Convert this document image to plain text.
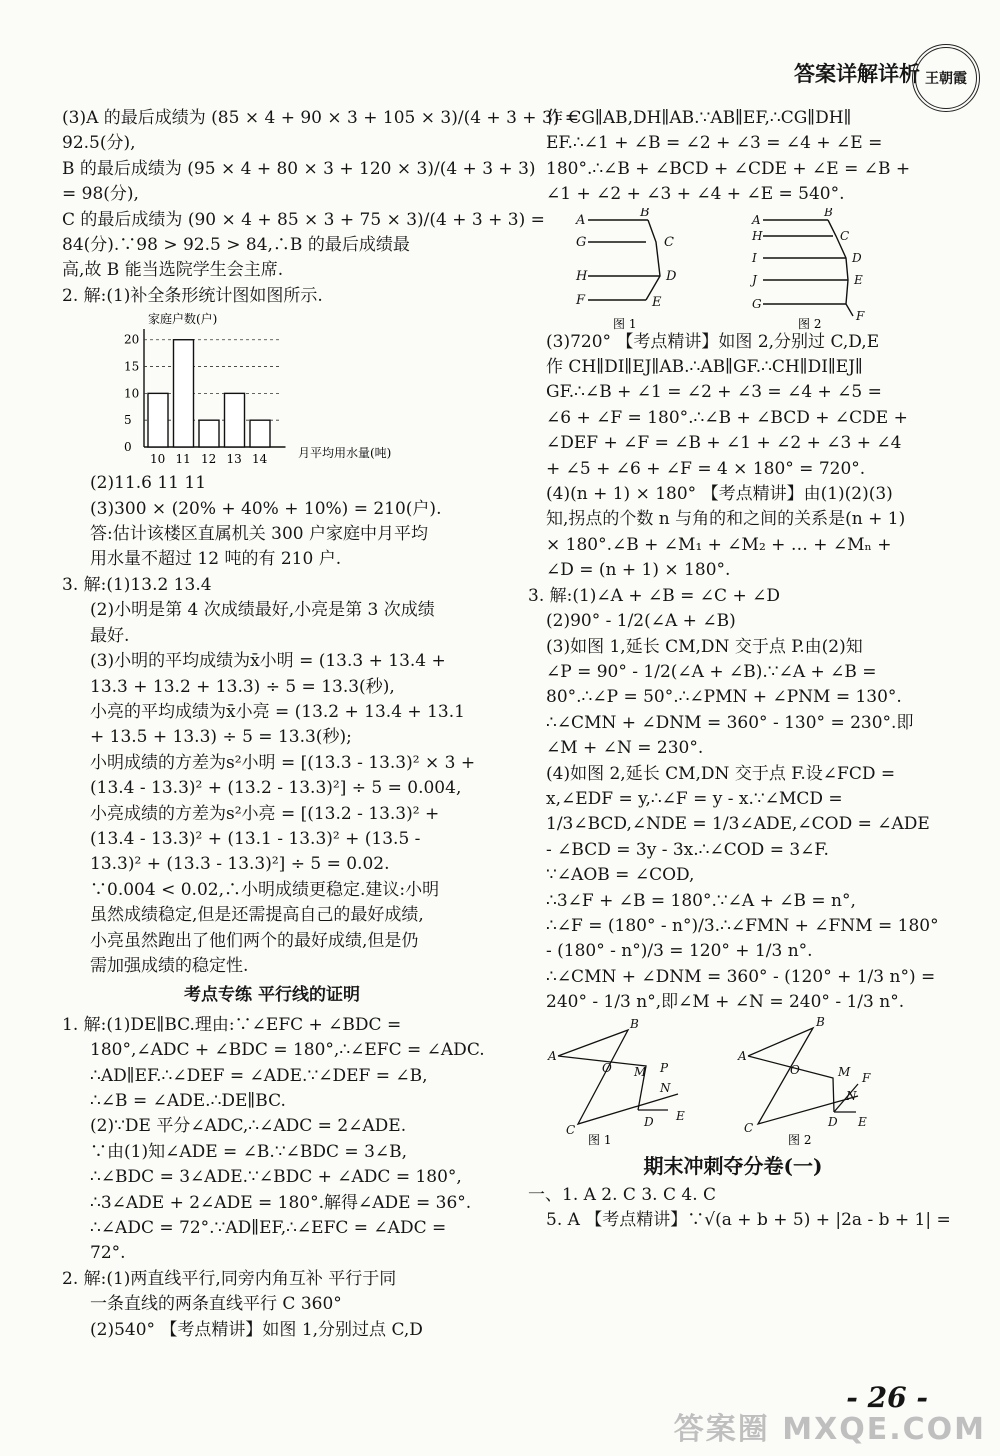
答案详解详析 王朝霞
(3)A 的最后成绩为 (85 × 4 + 90 × 3 + 105 × 3)/(4 + 3 + 3) =
92.5(分),
B 的最后成绩为 (95 × 4 + 80 × 3 + 120 × 3)/(4 + 3 + 3)
= 98(分),
C 的最后成绩为 (90 × 4 + 85 × 3 + 75 × 3)/(4 + 3 + 3) =
84(分).∵98 > 92.5 > 84,∴B 的最后成绩最
高,故 B 能当选院学生会主席.
2. 解:(1)补全条形统计图如图所示.
家庭户数(户)
月平均用水量(吨)
0
5
10
15
20
10 11 12 13 14
(2)11.6 11 11
(3)300 × (20% + 40% + 10%) = 210(户).
答:估计该楼区直属机关 300 户家庭中月平均
用水量不超过 12 吨的有 210 户.
3. 解:(1)13.2 13.4
(2)小明是第 4 次成绩最好,小亮是第 3 次成绩
最好.
(3)小明的平均成绩为x̄小明 = (13.3 + 13.4 +
13.3 + 13.2 + 13.3) ÷ 5 = 13.3(秒),
小亮的平均成绩为x̄小亮 = (13.2 + 13.4 + 13.1
+ 13.5 + 13.3) ÷ 5 = 13.3(秒);
小明成绩的方差为s²小明 = [(13.3 - 13.3)² × 3 +
(13.4 - 13.3)² + (13.2 - 13.3)²] ÷ 5 = 0.004,
小亮成绩的方差为s²小亮 = [(13.2 - 13.3)² +
(13.4 - 13.3)² + (13.1 - 13.3)² + (13.5 -
13.3)² + (13.3 - 13.3)²] ÷ 5 = 0.02.
∵0.004 < 0.02,∴小明成绩更稳定.建议:小明
虽然成绩稳定,但是还需提高自己的最好成绩,
小亮虽然跑出了他们两个的最好成绩,但是仍
需加强成绩的稳定性.
考点专练 平行线的证明
1. 解:(1)DE∥BC.理由:∵∠EFC + ∠BDC =
180°,∠ADC + ∠BDC = 180°,∴∠EFC = ∠ADC.
∴AD∥EF.∴∠DEF = ∠ADE.∵∠DEF = ∠B,
∴∠B = ∠ADE.∴DE∥BC.
(2)∵DE 平分∠ADC,∴∠ADC = 2∠ADE.
∵由(1)知∠ADE = ∠B.∵∠BDC = 3∠B,
∴∠BDC = 3∠ADE.∵∠BDC + ∠ADC = 180°,
∴3∠ADE + 2∠ADE = 180°.解得∠ADE = 36°.
∴∠ADC = 72°.∵AD∥EF,∴∠EFC = ∠ADC =
72°.
2. 解:(1)两直线平行,同旁内角互补 平行于同
一条直线的两条直线平行 C 360°
(2)540° 【考点精讲】如图 1,分别过点 C,D
作 CG∥AB,DH∥AB.∵AB∥EF,∴CG∥DH∥
EF.∴∠1 + ∠B = ∠2 + ∠3 = ∠4 + ∠E =
180°.∴∠B + ∠BCD + ∠CDE + ∠E = ∠B +
∠1 + ∠2 + ∠3 + ∠4 + ∠E = 540°.
A
B
G	C
H	D
F	E
A
B
H	C
I	D
J	E
G
F
图 1	图 2
(3)720° 【考点精讲】如图 2,分别过 C,D,E
作 CH∥DI∥EJ∥AB.∴AB∥GF.∴CH∥DI∥EJ∥
GF.∴∠B + ∠1 = ∠2 + ∠3 = ∠4 + ∠5 =
∠6 + ∠F = 180°.∴∠B + ∠BCD + ∠CDE +
∠DEF + ∠F = ∠B + ∠1 + ∠2 + ∠3 + ∠4
+ ∠5 + ∠6 + ∠F = 4 × 180° = 720°.
(4)(n + 1) × 180° 【考点精讲】由(1)(2)(3)
知,拐点的个数 n 与角的和之间的关系是(n + 1)
× 180°.∠B + ∠M₁ + ∠M₂ + … + ∠Mₙ +
∠D = (n + 1) × 180°.
3. 解:(1)∠A + ∠B = ∠C + ∠D
(2)90° - 1/2(∠A + ∠B)
(3)如图 1,延长 CM,DN 交于点 P.由(2)知
∠P = 90° - 1/2(∠A + ∠B).∵∠A + ∠B =
80°.∴∠P = 50°.∴∠PMN + ∠PNM = 130°.
∴∠CMN + ∠DNM = 360° - 130° = 230°.即
∠M + ∠N = 230°.
(4)如图 2,延长 CM,DN 交于点 F.设∠FCD =
x,∠EDF = y,∴∠F = y - x.∵∠MCD =
1/3∠BCD,∠NDE = 1/3∠ADE,∠COD = ∠ADE
- ∠BCD = 3y - 3x.∴∠COD = 3∠F.
∵∠AOB = ∠COD,
∴3∠F + ∠B = 180°.∵∠A + ∠B = n°,
∴∠F = (180° - n°)/3.∴∠FMN + ∠FNM = 180°
- (180° - n°)/3 = 120° + 1/3 n°.
∴∠CMN + ∠DNM = 360° - (120° + 1/3 n°) =
240° - 1/3 n°,即∠M + ∠N = 240° - 1/3 n°.
A
B
O M P
N
C
D E
A
B
O	M F
N
C	D E
图 1	图 2
期末冲刺夺分卷(一)
一、1. A 2. C 3. C 4. C
5. A 【考点精讲】∵√(a + b + 5) + |2a - b + 1| =
- 26 -
答案圈 MXQE.COM
